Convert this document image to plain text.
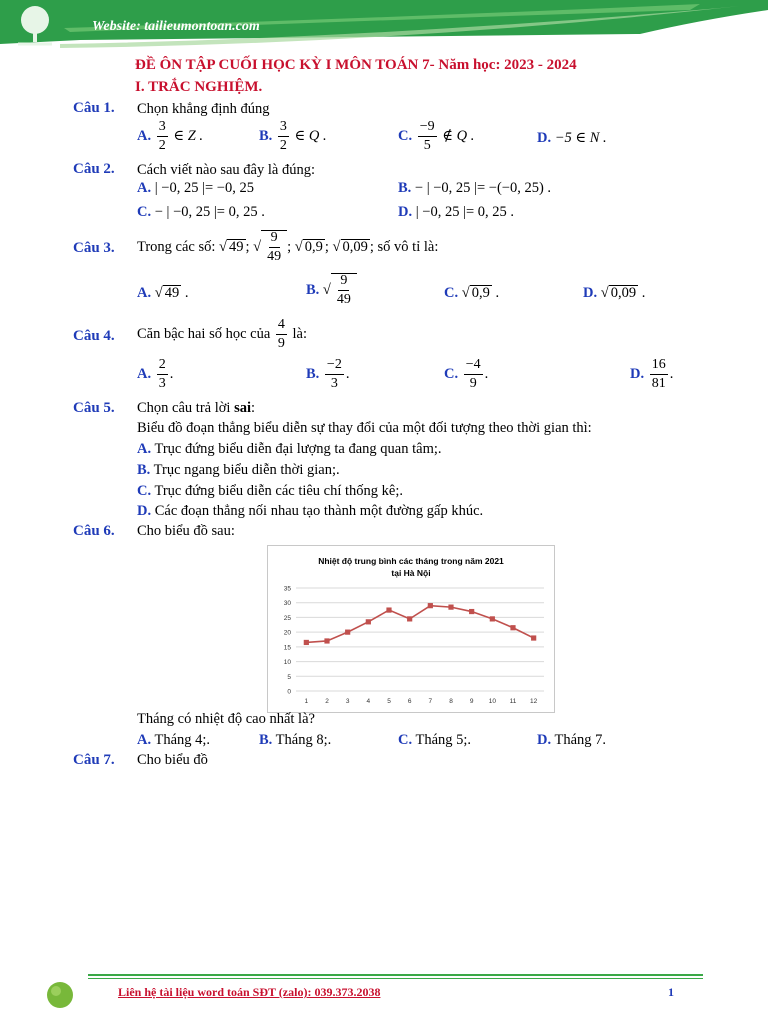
Website: tailieumontoan.com
ĐỀ ÔN TẬP CUỐI HỌC KỲ I MÔN TOÁN 7- Năm học: 2023 - 2024
I. TRẮC NGHIỆM.
Câu 1. Chọn khẳng định đúng
A. $\frac{3}{2}$ ∈ Z .	B. $\frac{3}{2}$ ∈ Q .	C. $\frac{-9}{5}$ ∉ Q .	D. −5 ∈ N .
Câu 2. Cách viết nào sau đây là đúng:
A. | −0, 25 |= −0, 25	B. − | −0, 25 |= −(−0, 25) .
C. − | −0, 25 |= 0, 25 .	D. | −0, 25 |= 0, 25 .
Câu 3. Trong các số: √ 49 ; √ $\frac{9}{49}$ ; √ 0,9 ; √ 0,09 ; số vô tỉ là:
A. √ 49 .	B. √ $\frac{9}{49}$	C. √ 0,9 .	D. √ 0,09 .
Câu 4. Căn bậc hai số học của $\frac{4}{9}$ là:
A. $\frac{2}{3}$ .	B. $\frac{-2}{3}$ .	C. $\frac{-4}{9}$ .	D. $\frac{16}{81}$ .
Câu 5. Chọn câu trả lời sai:
Biểu đồ đoạn thẳng biểu diễn sự thay đổi của một đối tượng theo thời gian thì:
A. Trục đứng biểu diễn đại lượng ta đang quan tâm;.
B. Trục ngang biểu diễn thời gian;.
C. Trục đứng biểu diễn các tiêu chí thống kê;.
D. Các đoạn thẳng nối nhau tạo thành một đường gấp khúc.
Câu 6. Cho biểu đồ sau:
Nhiệt độ trung bình các tháng trong năm 2021
tại Hà Nội
0
5
10
15
20
25
30
35
1	2	3	4	5	6	7	8	9 10 11 12
Tháng có nhiệt độ cao nhất là?
A. Tháng 4;.	B. Tháng 8;.	C. Tháng 5;.	D. Tháng 7.
Câu 7. Cho biểu đồ
Liên hệ tài liệu word toán SĐT (zalo): 039.373.2038	1
